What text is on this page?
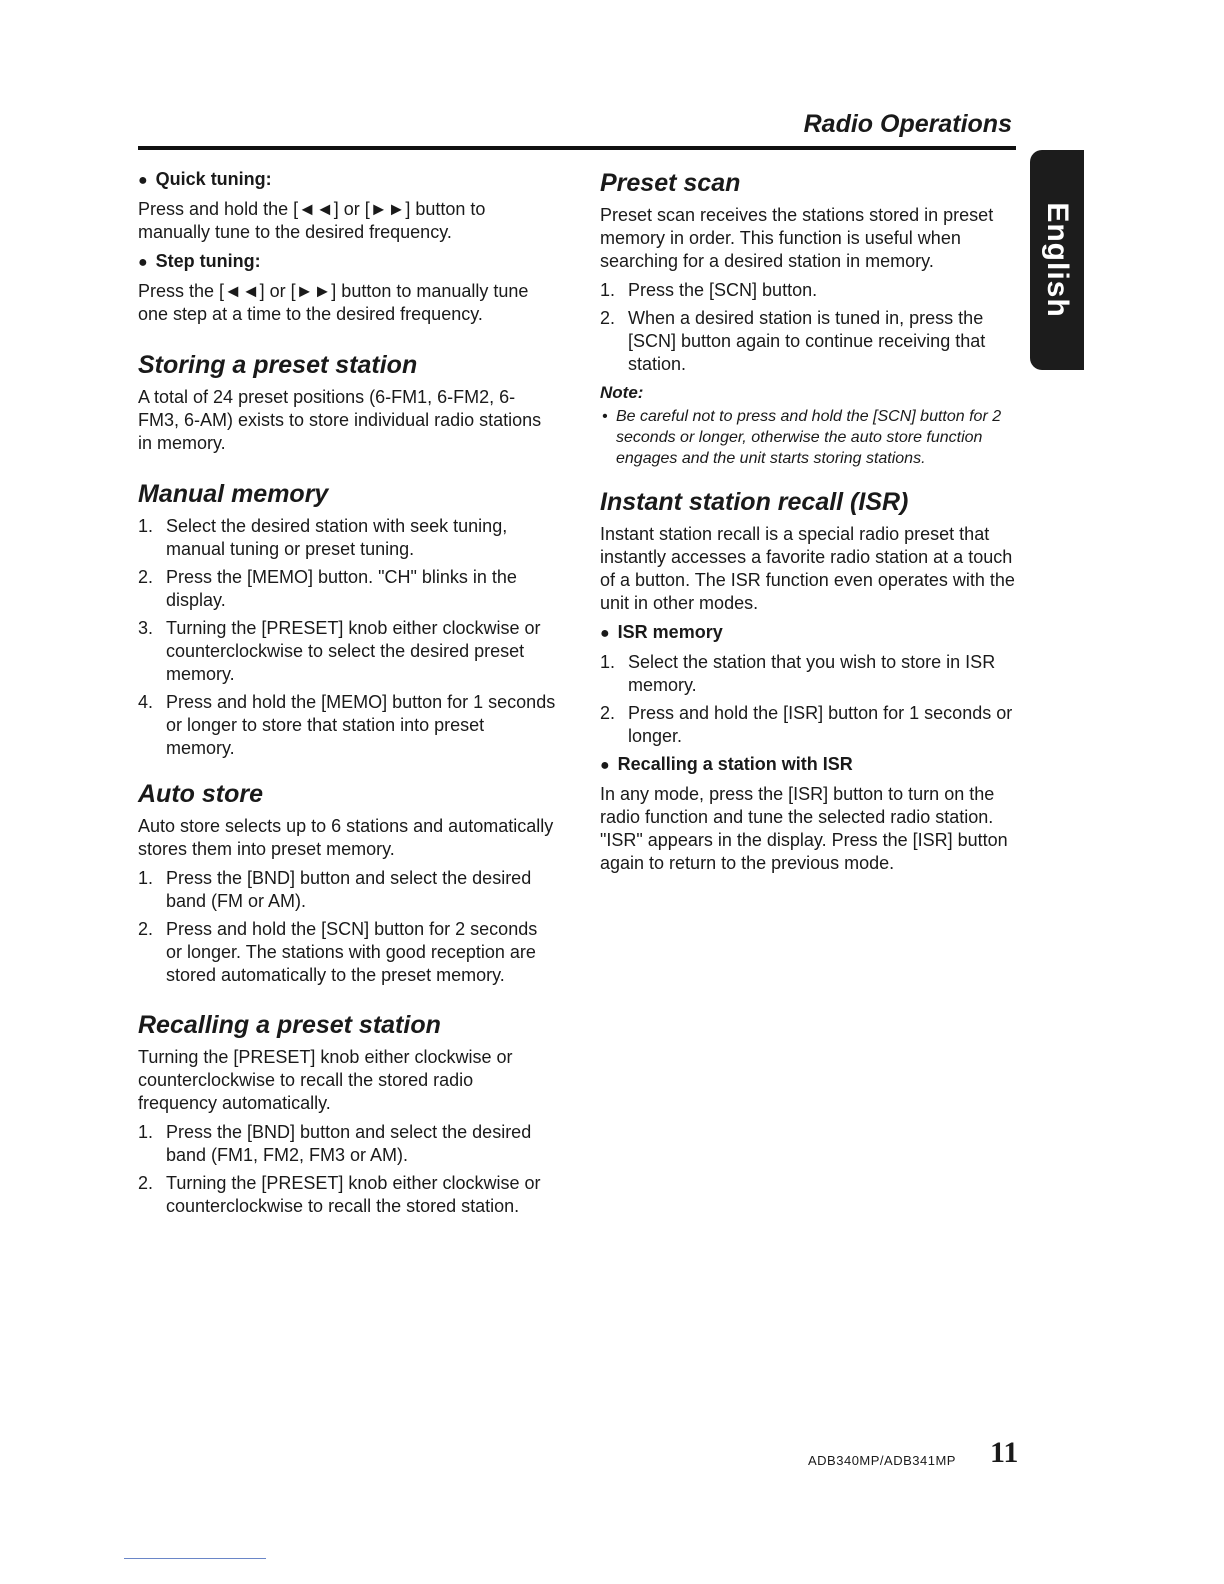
Radio Operations
English
● Quick tuning:

Press and hold the [◄◄] or [►►] button to manually tune to the desired frequency.

● Step tuning:

Press the [◄◄] or [►►] button to manually tune one step at a time to the desired frequency.

Storing a preset station

A total of 24 preset positions (6-FM1, 6-FM2, 6-FM3, 6-AM) exists to store individual radio stations in memory.

Manual memory
1. Select the desired station with seek tuning, manual tuning or preset tuning.
2. Press the [MEMO] button. "CH" blinks in the display.
3. Turning the [PRESET] knob either clockwise or counterclockwise to select the desired preset memory.
4. Press and hold the [MEMO] button for 1 seconds or longer to store that station into preset memory.
Auto store

Auto store selects up to 6 stations and automatically stores them into preset memory.

1. Press the [BND] button and select the desired band (FM or AM).
2. Press and hold the [SCN] button for 2 seconds or longer. The stations with good reception are stored automatically to the preset memory.
Recalling a preset station

Turning the [PRESET] knob either clockwise or counterclockwise to recall the stored radio frequency automatically.

1. Press the [BND] button and select the desired band (FM1, FM2, FM3 or AM).
2. Turning the [PRESET] knob either clockwise or counterclockwise to recall the stored station.
Preset scan

Preset scan receives the stations stored in preset memory in order. This function is useful when searching for a desired station in memory.

1. Press the [SCN] button.
2. When a desired station is tuned in, press the [SCN] button again to continue receiving that station.
Note:

• Be careful not to press and hold the [SCN] button for 2 seconds or longer, otherwise the auto store function engages and the unit starts storing stations.

Instant station recall (ISR)

Instant station recall is a special radio preset that instantly accesses a favorite radio station at a touch of a button. The ISR function even operates with the unit in other modes.

● ISR memory
1. Select the station that you wish to store in ISR memory.
2. Press and hold the [ISR] button for 1 seconds or longer.
● Recalling a station with ISR

In any mode, press the [ISR] button to turn on the radio function and tune the selected radio station. "ISR" appears in the display. Press the [ISR] button again to return to the previous mode.

ADB340MP/ADB341MP 11
